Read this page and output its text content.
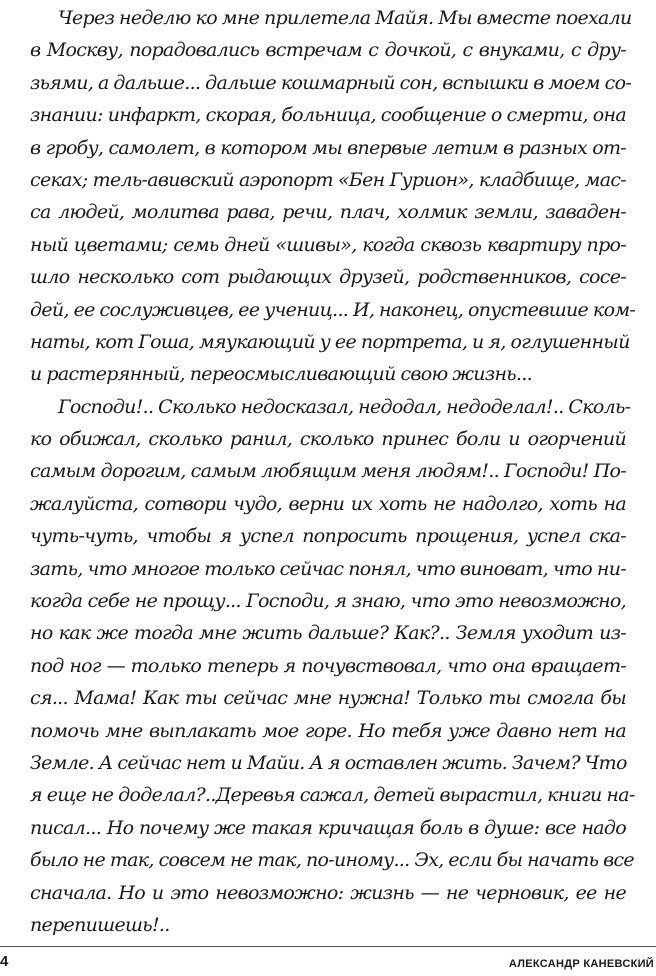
Через неделю ко мне прилетела Майя. Мы вместе поехали
в Москву, порадовались встречам с дочкой, с внуками, с дру-
зьями, а дальше... дальше кошмарный сон, вспышки в моем со-
знании: инфаркт, скорая, больница, сообщение о смерти, она
в гробу, самолет, в котором мы впервые летим в разных от-
секах; тель-авивский аэропорт «Бен Гурион», кладбище, мас-
са людей, молитва рава, речи, плач, холмик земли, заваден-
ный цветами; семь дней «шивы», когда сквозь квартиру про-
шло несколько сот рыдающих друзей, родственников, сосе-
дей, ее сослуживцев, ее учениц... И, наконец, опустевшие ком-
наты, кот Гоша, мяукающий у ее портрета, и я, оглушенный
и растерянный, переосмысливающий свою жизнь...
Господи!.. Сколько недосказал, недодал, недоделал!.. Сколь-
ко обижал, сколько ранил, сколько принес боли и огорчений
самым дорогим, самым любящим меня людям!.. Господи! По-
жалуйста, сотвори чудо, верни их хоть не надолго, хоть на
чуть-чуть, чтобы я успел попросить прощения, успел ска-
зать, что многое только сейчас понял, что виноват, что ни-
когда себе не прощу... Господи, я знаю, что это невозможно,
но как же тогда мне жить дальше? Как?.. Земля уходит из-
под ног — только теперь я почувствовал, что она вращает-
ся... Мама! Как ты сейчас мне нужна! Только ты смогла бы
помочь мне выплакать мое горе. Но тебя уже давно нет на
Земле. А сейчас нет и Майи. А я оставлен жить. Зачем? Что
я еще не доделал?..Деревья сажал, детей вырастил, книги на-
писал... Но почему же такая кричащая боль в душе: все надо
было не так, совсем не так, по-иному... Эх, если бы начать все
сначала. Но и это невозможно: жизнь — не черновик, ее не
перепишешь!..
4	АЛЕКСАНДР КАНЕВСКИЙ
